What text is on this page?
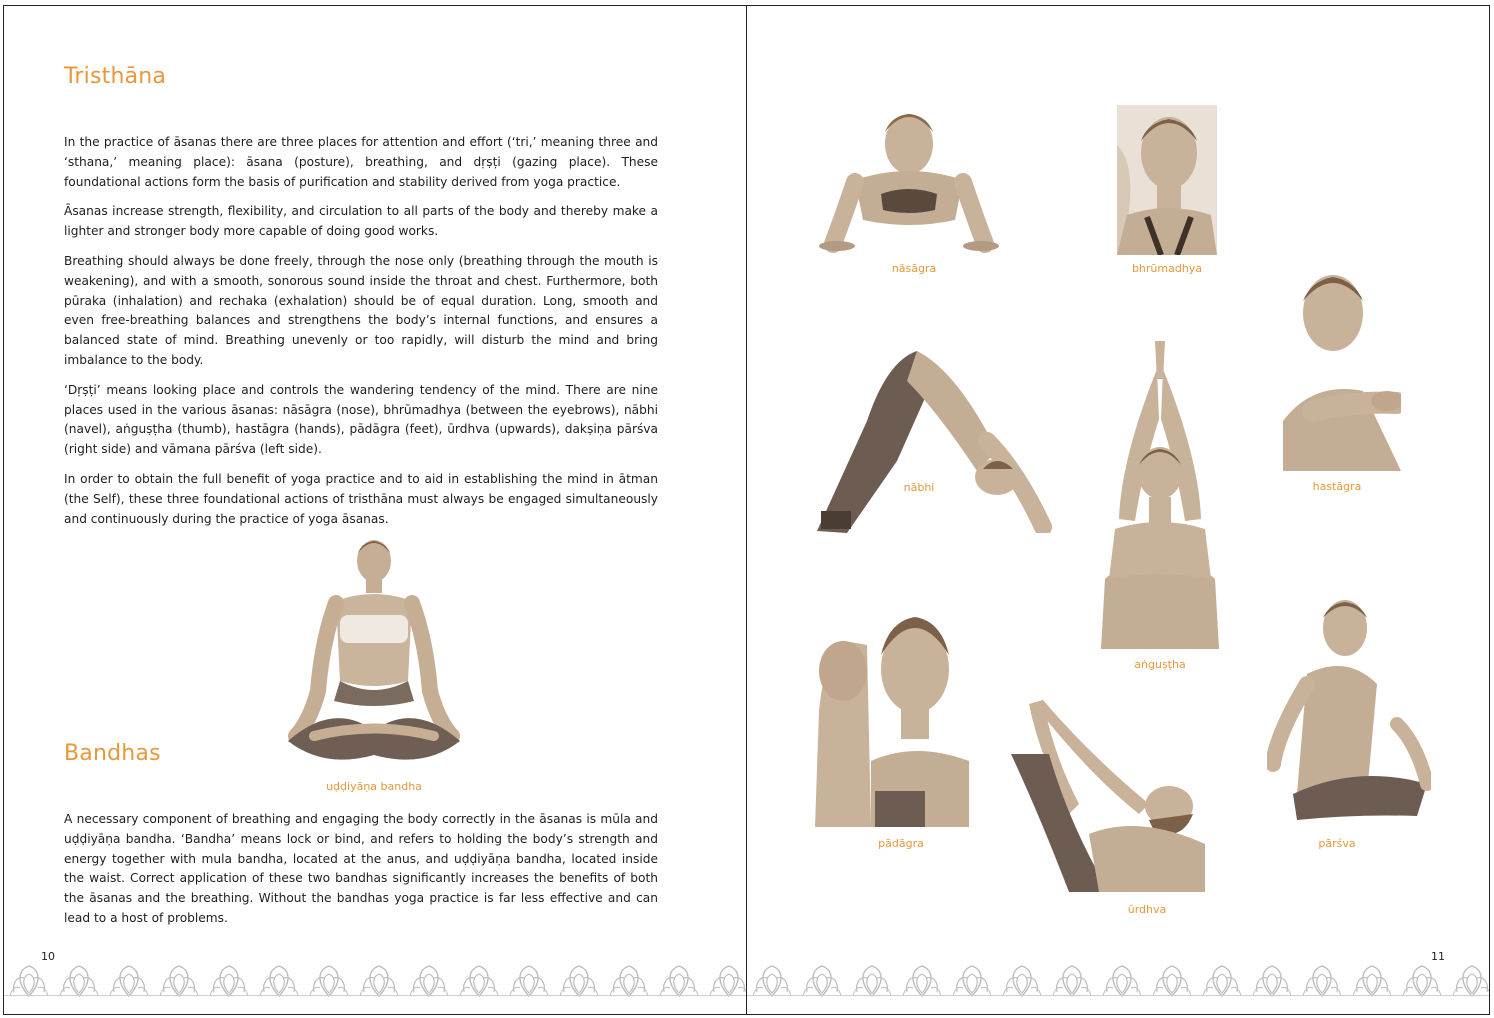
Tristhāna

In the practice of āsanas there are three places for attention and effort (‘tri,’ meaning three and ‘sthana,’ meaning place): āsana (posture), breathing, and dṛṣṭi (gazing place). These foundational actions form the basis of purification and stability derived from yoga practice.

Āsanas increase strength, flexibility, and circulation to all parts of the body and thereby make a lighter and stronger body more capable of doing good works.

Breathing should always be done freely, through the nose only (breathing through the mouth is weakening), and with a smooth, sonorous sound inside the throat and chest. Furthermore, both pūraka (inhalation) and rechaka (exhalation) should be of equal duration. Long, smooth and even free-breathing balances and strengthens the body’s internal functions, and ensures a balanced state of mind. Breathing unevenly or too rapidly, will disturb the mind and bring imbalance to the body.

‘Dṛṣṭi’ means looking place and controls the wandering tendency of the mind. There are nine places used in the various āsanas: nāsāgra (nose), bhrūmadhya (between the eyebrows), nābhi (navel), aṅguṣṭha (thumb), hastāgra (hands), pādāgra (feet), ūrdhva (upwards), dakṣiṇa pārśva (right side) and vāmana pārśva (left side).

In order to obtain the full benefit of yoga practice and to aid in establishing the mind in ātman (the Self), these three foundational actions of tristhāna must always be engaged simultaneously and continuously during the practice of yoga āsanas.

uḍḍiyāṇa bandha
Bandhas

A necessary component of breathing and engaging the body correctly in the āsanas is mūla and uḍḍiyāṇa bandha. ‘Bandha’ means lock or bind, and refers to holding the body’s strength and energy together with mula bandha, located at the anus, and uḍḍiyāṇa bandha, located inside the waist. Correct application of these two bandhas significantly increases the benefits of both the āsanas and the breathing. Without the bandhas yoga practice is far less effective and can lead to a host of problems.

10
nāsāgra	bhrūmadhya
hastāgra
nābhi
aṅguṣṭha
pādāgra
ūrdhva
pārśva
11
